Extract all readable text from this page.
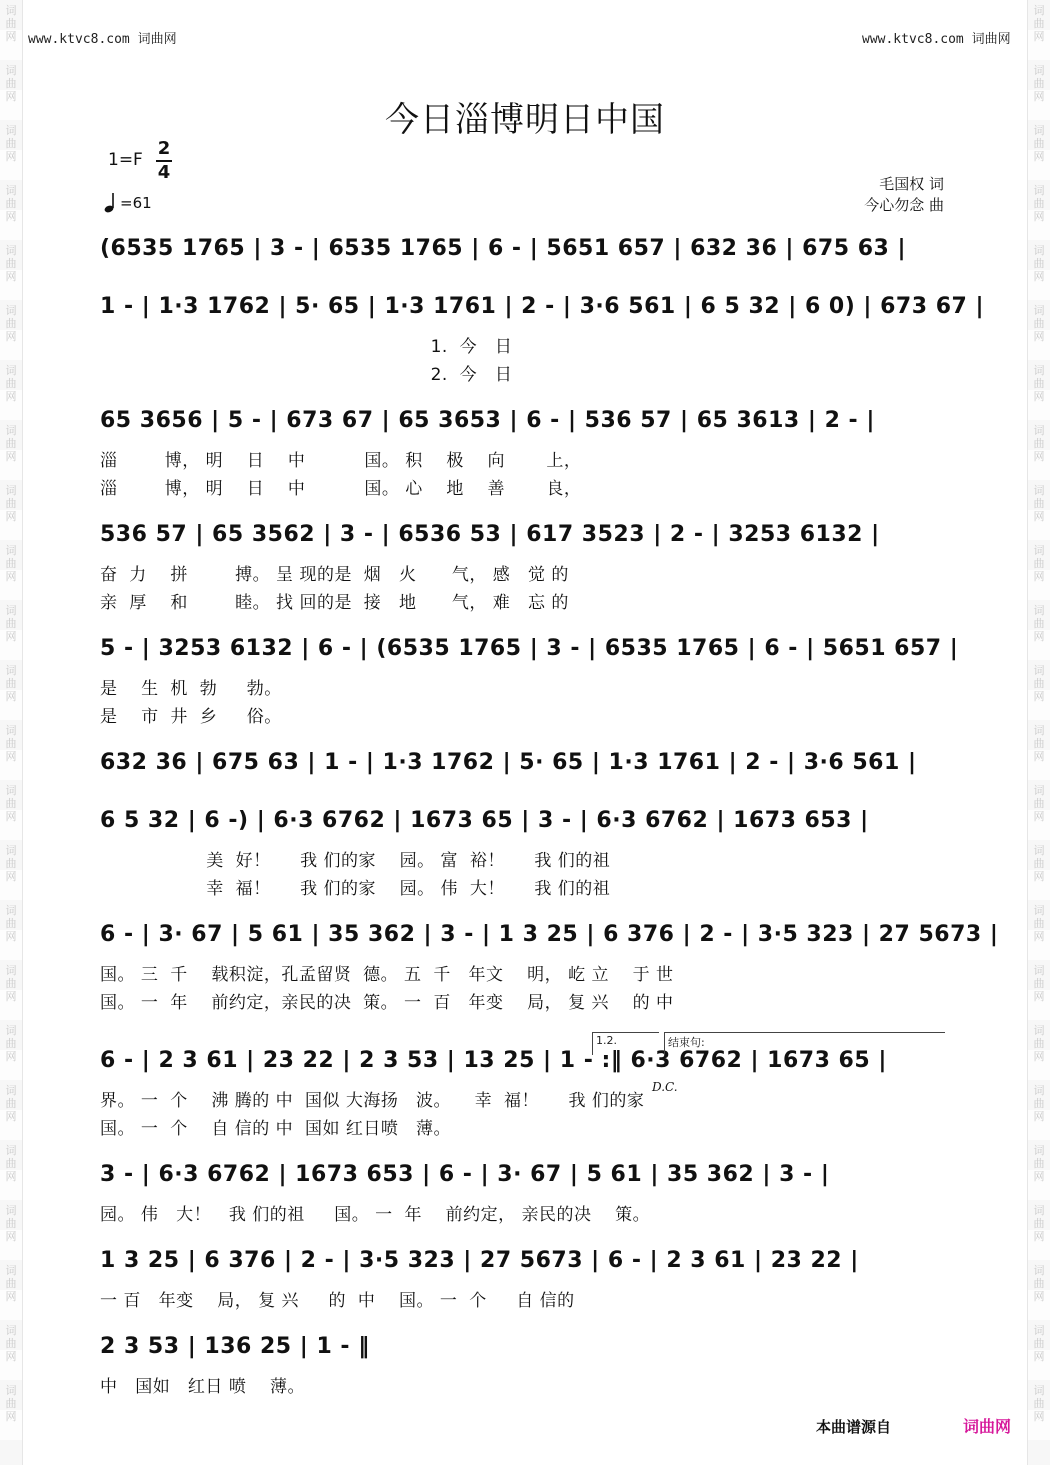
词
曲
网
词
曲
网
词
曲
网
词
曲
网
词
曲
网
词
曲
网
词
曲
网
词
曲
网
词
曲
网
词
曲
网
词
曲
网
词
曲
网
词
曲
网
词
曲
网
词
曲
网
词
曲
网
词
曲
网
词
曲
网
词
曲
网
词
曲
网
词
曲
网
词
曲
网
词
曲
网
词
曲
网
词
曲
网
词
曲
网
词
曲
网
词
曲
网
词
曲
网
词
曲
网
词
曲
网
词
曲
网
词
曲
网
词
曲
网
词
曲
网
词
曲
网
词
曲
网
词
曲
网
词
曲
网
词
曲
网
词
曲
网
词
曲
网
词
曲
网
词
曲
网
词
曲
网
词
曲
网
词
曲
网
词
曲
网
www.ktvc8.com 词曲网	www.ktvc8.com 词曲网
今日淄博明日中国
1=F
2
4
=61
毛国权 词
今心勿念 曲
(6535 1765 | 3 - | 6535 1765 | 6 - | 5651 657 | 632 36 | 675 63 |
1 - | 1·3 1762 | 5· 65 | 1·3 1761 | 2 - | 3·6 561 | 6 5 32 | 6 0) | 673 67 |
1.  今   日
2.  今   日
65 3656 | 5 - | 673 67 | 65 3653 | 6 - | 536 57 | 65 3613 | 2 - |
淄        博， 明    日    中          国。 积    极    向       上，
淄        博， 明    日    中          国。 心    地    善       良，
536 57 | 65 3562 | 3 - | 6536 53 | 617 3523 | 2 - | 3253 6132 |
奋  力    拼        搏。 呈 现的是  烟   火      气， 感   觉 的
亲  厚    和        睦。 找 回的是  接   地      气， 难   忘 的
5 - | 3253 6132 | 6 - | (6535 1765 | 3 - | 6535 1765 | 6 - | 5651 657 |
是    生  机  勃     勃。
是    市  井  乡     俗。
632 36 | 675 63 | 1 - | 1·3 1762 | 5· 65 | 1·3 1761 | 2 - | 3·6 561 |
6 5 32 | 6 -) | 6·3 6762 | 1673 65 | 3 - | 6·3 6762 | 1673 653 |
美  好！     我 们的家    园。 富  裕！     我 们的祖
幸  福！     我 们的家    园。 伟  大！     我 们的祖
6 - | 3· 67 | 5 61 | 35 362 | 3 - | 1 3 25 | 6 376 | 2 - | 3·5 323 | 27 5673 |
国。 三  千    载积淀，孔孟留贤  德。 五  千   年文    明， 屹 立    于 世
国。 一  年    前约定，亲民的决  策。 一  百   年变    局， 复 兴    的 中
6 - | 2 3 61 | 23 22 | 2 3 53 | 13 25 | 1 - :‖ 6·3 6762 | 1673 65 |
界。 一  个    沸 腾的 中  国似 大海扬   波。    幸  福！     我 们的家
国。 一  个    自 信的 中  国如 红日喷   薄。
3 - | 6·3 6762 | 1673 653 | 6 - | 3· 67 | 5 61 | 35 362 | 3 - |
园。 伟   大！   我 们的祖     国。 一  年    前约定， 亲民的决    策。
1 3 25 | 6 376 | 2 - | 3·5 323 | 27 5673 | 6 - | 2 3 61 | 23 22 |
一 百   年变    局， 复 兴     的  中    国。 一  个     自 信的
2 3 53 | 136 25 | 1 - ‖
中   国如   红日 喷    薄。
1.2.	结束句:
D.C.
本曲谱源自	词曲网
